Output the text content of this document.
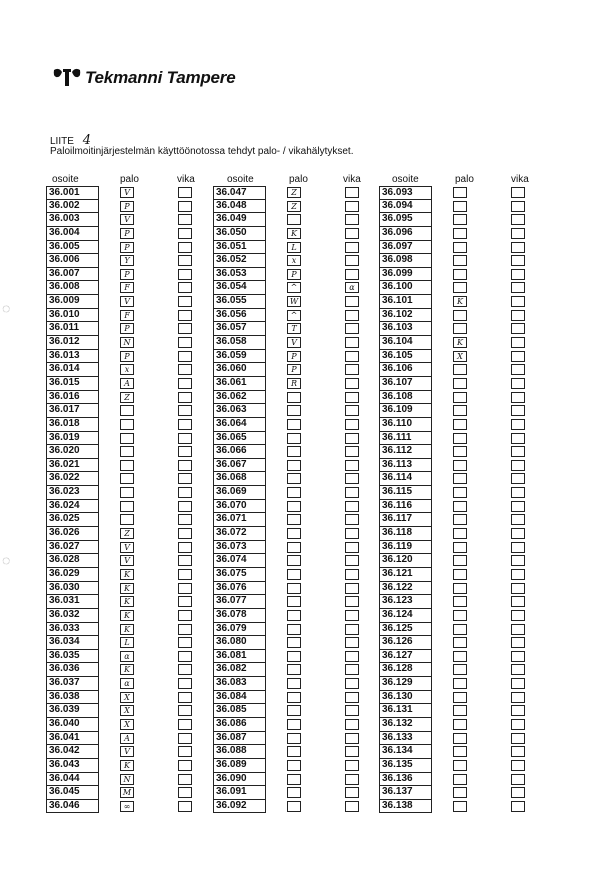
Tekmanni Tampere
LIITE 4
Paloilmoitinjärjestelmän käyttöönotossa tehdyt palo- / vikahälytykset.
◌
◌
osoite	palo	vika
36.001	V
36.002	P
36.003	V
36.004	P
36.005	P
36.006	Y
36.007	P
36.008	F
36.009	V
36.010	F
36.011	P
36.012	N
36.013	P
36.014	x
36.015	A
36.016	Z
36.017
36.018
36.019
36.020
36.021
36.022
36.023
36.024
36.025
36.026	Z
36.027	V
36.028	V
36.029	K
36.030	K
36.031	K
36.032	K
36.033	K
36.034	L
36.035	α
36.036	K
36.037	α
36.038	X
36.039	X
36.040	X
36.041	A
36.042	V
36.043	K
36.044	N
36.045	M
36.046	∞
osoite	palo	vika
36.047	Z
36.048	Z
36.049
36.050	K
36.051	L
36.052	x
36.053	P
36.054	^	α
36.055	W
36.056	^
36.057	T
36.058	V
36.059	P
36.060	P
36.061	R
36.062
36.063
36.064
36.065
36.066
36.067
36.068
36.069
36.070
36.071
36.072
36.073
36.074
36.075
36.076
36.077
36.078
36.079
36.080
36.081
36.082
36.083
36.084
36.085
36.086
36.087
36.088
36.089
36.090
36.091
36.092
osoite	palo	vika
36.093
36.094
36.095
36.096
36.097
36.098
36.099
36.100
36.101	K
36.102
36.103
36.104	K
36.105	X
36.106
36.107
36.108
36.109
36.110
36.111
36.112
36.113
36.114
36.115
36.116
36.117
36.118
36.119
36.120
36.121
36.122
36.123
36.124
36.125
36.126
36.127
36.128
36.129
36.130
36.131
36.132
36.133
36.134
36.135
36.136
36.137
36.138
